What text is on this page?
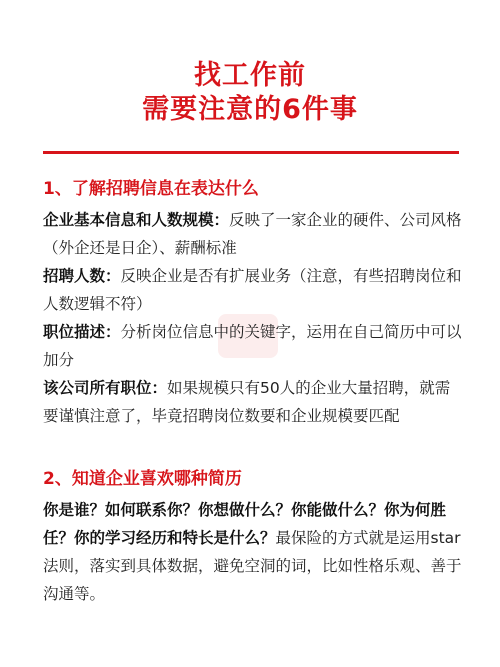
找工作前
需要注意的6件事
1、了解招聘信息在表达什么

企业基本信息和人数规模：反映了一家企业的硬件、公司风格（外企还是日企）、薪酬标准

招聘人数：反映企业是否有扩展业务（注意，有些招聘岗位和人数逻辑不符）

职位描述：分析岗位信息中的关键字，运用在自己简历中可以加分

该公司所有职位：如果规模只有50人的企业大量招聘，就需要谨慎注意了，毕竟招聘岗位数要和企业规模要匹配

2、知道企业喜欢哪种简历

你是谁？如何联系你？你想做什么？你能做什么？你为何胜任？你的学习经历和特长是什么？最保险的方式就是运用star法则，落实到具体数据，避免空洞的词，比如性格乐观、善于沟通等。
